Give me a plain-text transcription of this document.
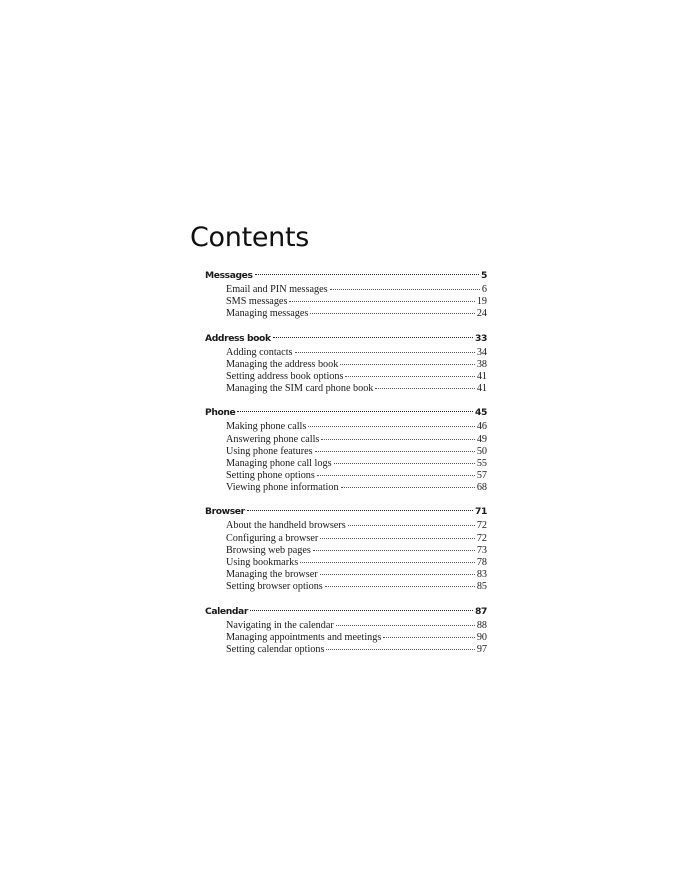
Contents
Messages	5
Email and PIN messages	6
SMS messages	19
Managing messages	24
Address book	33
Adding contacts	34
Managing the address book	38
Setting address book options	41
Managing the SIM card phone book	41
Phone	45
Making phone calls	46
Answering phone calls	49
Using phone features	50
Managing phone call logs	55
Setting phone options	57
Viewing phone information	68
Browser	71
About the handheld browsers	72
Configuring a browser	72
Browsing web pages	73
Using bookmarks	78
Managing the browser	83
Setting browser options	85
Calendar	87
Navigating in the calendar	88
Managing appointments and meetings	90
Setting calendar options	97
